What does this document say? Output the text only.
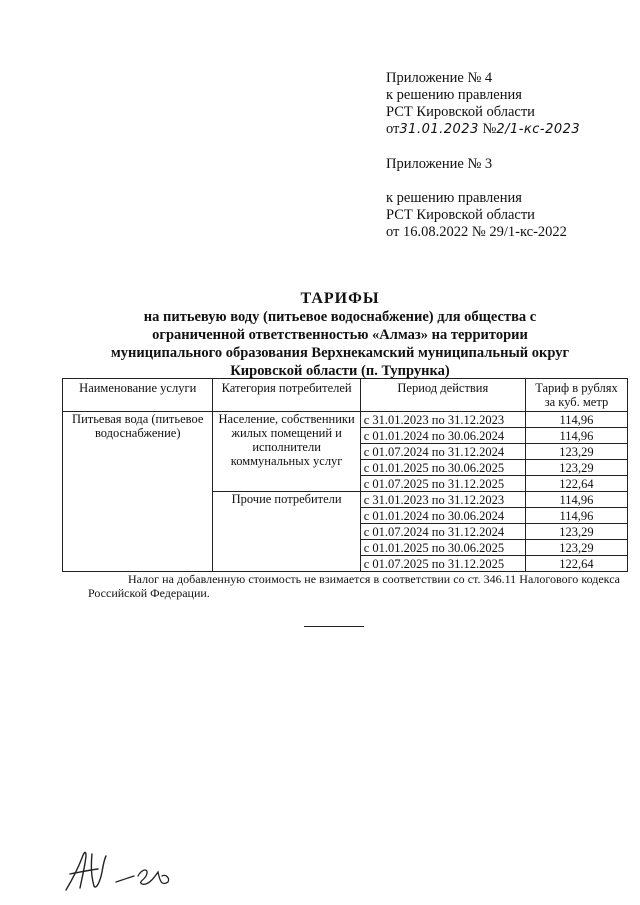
Приложение № 4
к решению правления
РСТ Кировской области
от31.01.2023 №2/1-кс-2023
Приложение № 3
к решению правления
РСТ Кировской области
от 16.08.2022 № 29/1-кс-2022
ТАРИФЫ
на питьевую воду (питьевое водоснабжение) для общества с
ограниченной ответственностью «Алмаз» на территории
муниципального образования Верхнекамский муниципальный округ
Кировской области (п. Тупрунка)
Наименование услуги	Категория потребителей	Период действия	Тариф в рублях за куб. метр
Питьевая вода (питьевое водоснабжение)	Население, собственники жилых помещений и исполнители коммунальных услуг	с 31.01.2023 по 31.12.2023	114,96
		с 01.01.2024 по 30.06.2024	114,96
		с 01.07.2024 по 31.12.2024	123,29
		с 01.01.2025 по 30.06.2025	123,29
		с 01.07.2025 по 31.12.2025	122,64
	Прочие потребители	с 31.01.2023 по 31.12.2023	114,96
		с 01.01.2024 по 30.06.2024	114,96
		с 01.07.2024 по 31.12.2024	123,29
		с 01.01.2025 по 30.06.2025	123,29
		с 01.07.2025 по 31.12.2025	122,64
Налог на добавленную стоимость не взимается в соответствии со ст. 346.11 Налогового кодекса Российской Федерации.
